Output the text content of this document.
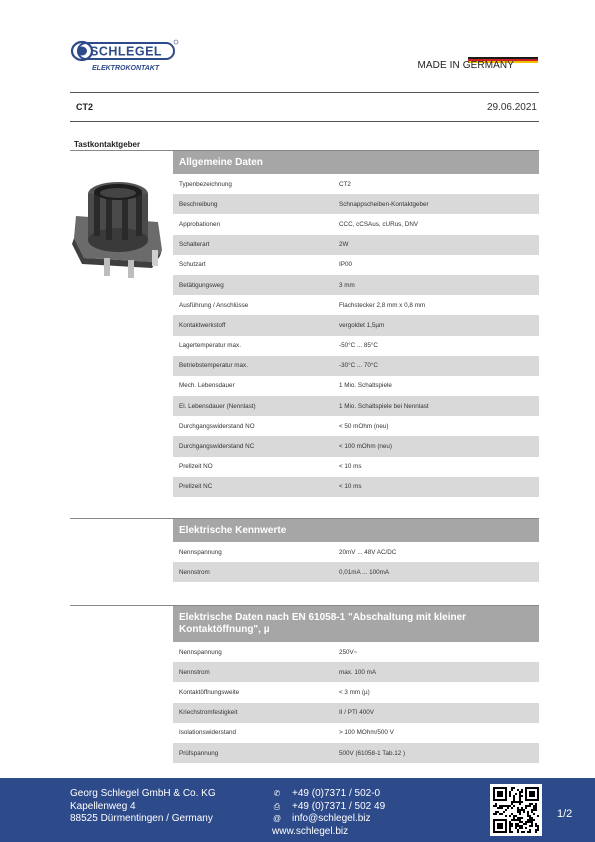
SCHLEGEL
ELEKTROKONTAKT	MADE IN GERMANY
CT2	29.06.2021
Tastkontaktgeber
Allgemeine Daten
Typenbezeichnung	CT2
Beschreibung	Schnappscheiben-Kontaktgeber
Approbationen	CCC, cCSAus, cURus, DNV
Schalterart	2W
Schutzart	IP00
Betätigungsweg	3 mm
Ausführung / Anschlüsse	Flachstecker 2,8 mm x 0,8 mm
Kontaktwerkstoff	vergoldet 1,5µm
Lagertemperatur max.	-50°C ... 85°C
Betriebstemperatur max.	-30°C ... 70°C
Mech. Lebensdauer	1 Mio. Schaltspiele
El. Lebensdauer (Nennlast)	1 Mio. Schaltspiele bei Nennlast
Durchgangswiderstand NO	< 50 mOhm (neu)
Durchgangswiderstand NC	< 100 mOhm (neu)
Prellzeit NO	< 10 ms
Prellzeit NC	< 10 ms
Elektrische Kennwerte
Nennspannung	20mV ... 48V AC/DC
Nennstrom	0,01mA ... 100mA
Elektrische Daten nach EN 61058-1 "Abschaltung mit kleiner
Kontaktöffnung", µ
Nennspannung	250V~
Nennstrom	max. 100 mA
Kontaktöffnungsweite	< 3 mm (µ)
Kriechstromfestigkeit	II / PTI 400V
Isolationswiderstand	> 100 MOhm/500 V
Prüfspannung	500V (61058-1 Tab.12 )
Georg Schlegel GmbH & Co. KG
Kapellenweg 4
88525 Dürmentingen / Germany
✆	+49 (0)7371 / 502-0
⎙	+49 (0)7371 / 502 49
@ info@schlegel.biz
www.schlegel.biz
1/2
